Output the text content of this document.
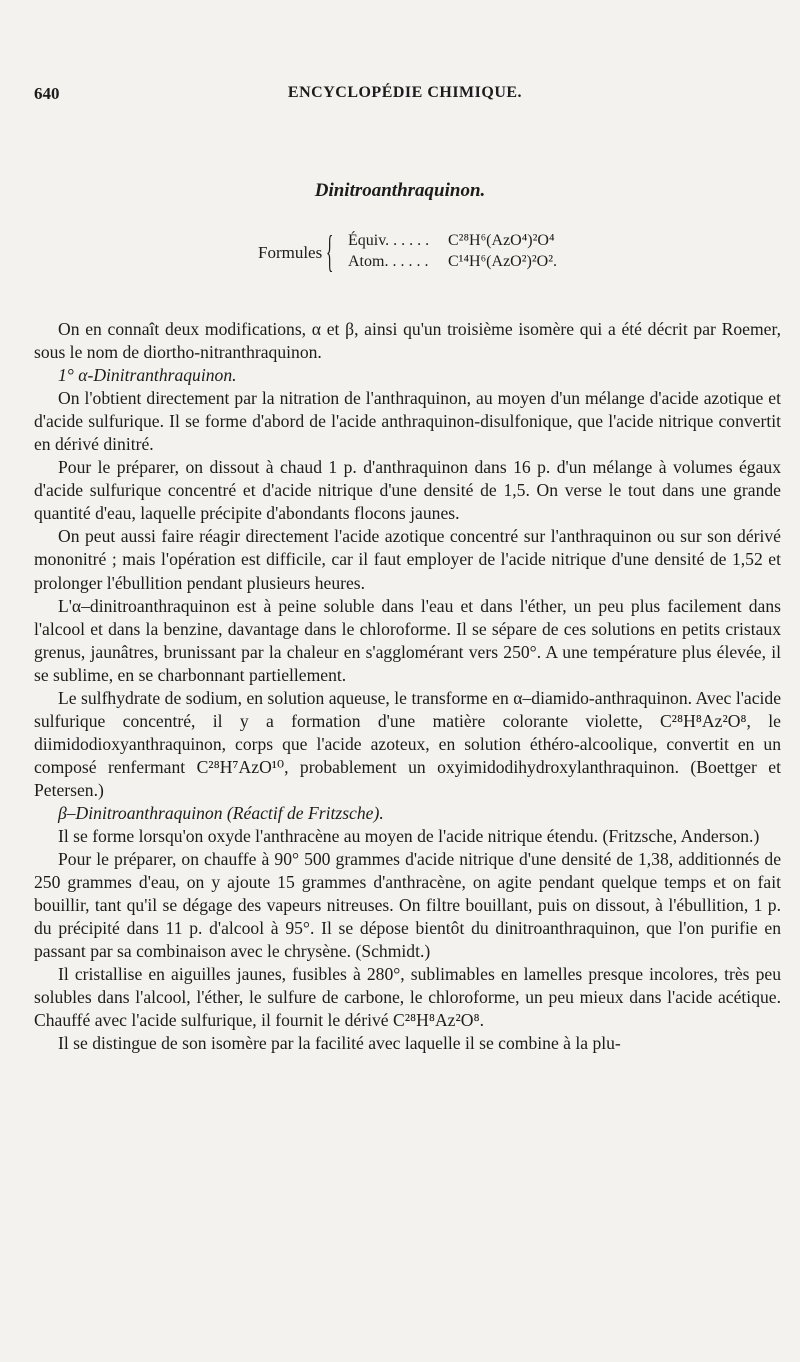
640	ENCYCLOPÉDIE CHIMIQUE.
Dinitroanthraquinon.
Formules { Équiv. . . . . . C²⁸H⁶(AzO⁴)²O⁴
Atom. . . . . . C¹⁴H⁶(AzO²)²O².

On en connaît deux modifications, α et β, ainsi qu'un troisième isomère qui a été décrit par Roemer, sous le nom de diortho-nitranthraquinon.

1° α-Dinitranthraquinon.

On l'obtient directement par la nitration de l'anthraquinon, au moyen d'un mélange d'acide azotique et d'acide sulfurique. Il se forme d'abord de l'acide anthraquinon-disulfonique, que l'acide nitrique convertit en dérivé dinitré.

Pour le préparer, on dissout à chaud 1 p. d'anthraquinon dans 16 p. d'un mélange à volumes égaux d'acide sulfurique concentré et d'acide nitrique d'une densité de 1,5. On verse le tout dans une grande quantité d'eau, laquelle précipite d'abondants flocons jaunes.

On peut aussi faire réagir directement l'acide azotique concentré sur l'anthraquinon ou sur son dérivé mononitré ; mais l'opération est difficile, car il faut employer de l'acide nitrique d'une densité de 1,52 et prolonger l'ébullition pendant plusieurs heures.

L'α–dinitroanthraquinon est à peine soluble dans l'eau et dans l'éther, un peu plus facilement dans l'alcool et dans la benzine, davantage dans le chloroforme. Il se sépare de ces solutions en petits cristaux grenus, jaunâtres, brunissant par la chaleur en s'agglomérant vers 250°. A une température plus élevée, il se sublime, en se charbonnant partiellement.

Le sulfhydrate de sodium, en solution aqueuse, le transforme en α–diamido-anthraquinon. Avec l'acide sulfurique concentré, il y a formation d'une matière colorante violette, C²⁸H⁸Az²O⁸, le diimidodioxyanthraquinon, corps que l'acide azoteux, en solution éthéro-alcoolique, convertit en un composé renfermant C²⁸H⁷AzO¹⁰, probablement un oxyimidodihydroxylanthraquinon. (Boettger et Petersen.)

β–Dinitroanthraquinon (Réactif de Fritzsche).

Il se forme lorsqu'on oxyde l'anthracène au moyen de l'acide nitrique étendu. (Fritzsche, Anderson.)

Pour le préparer, on chauffe à 90° 500 grammes d'acide nitrique d'une densité de 1,38, additionnés de 250 grammes d'eau, on y ajoute 15 grammes d'anthracène, on agite pendant quelque temps et on fait bouillir, tant qu'il se dégage des vapeurs nitreuses. On filtre bouillant, puis on dissout, à l'ébullition, 1 p. du précipité dans 11 p. d'alcool à 95°. Il se dépose bientôt du dinitroanthraquinon, que l'on purifie en passant par sa combinaison avec le chrysène. (Schmidt.)

Il cristallise en aiguilles jaunes, fusibles à 280°, sublimables en lamelles presque incolores, très peu solubles dans l'alcool, l'éther, le sulfure de carbone, le chloroforme, un peu mieux dans l'acide acétique. Chauffé avec l'acide sulfurique, il fournit le dérivé C²⁸H⁸Az²O⁸.

Il se distingue de son isomère par la facilité avec laquelle il se combine à la plu-
